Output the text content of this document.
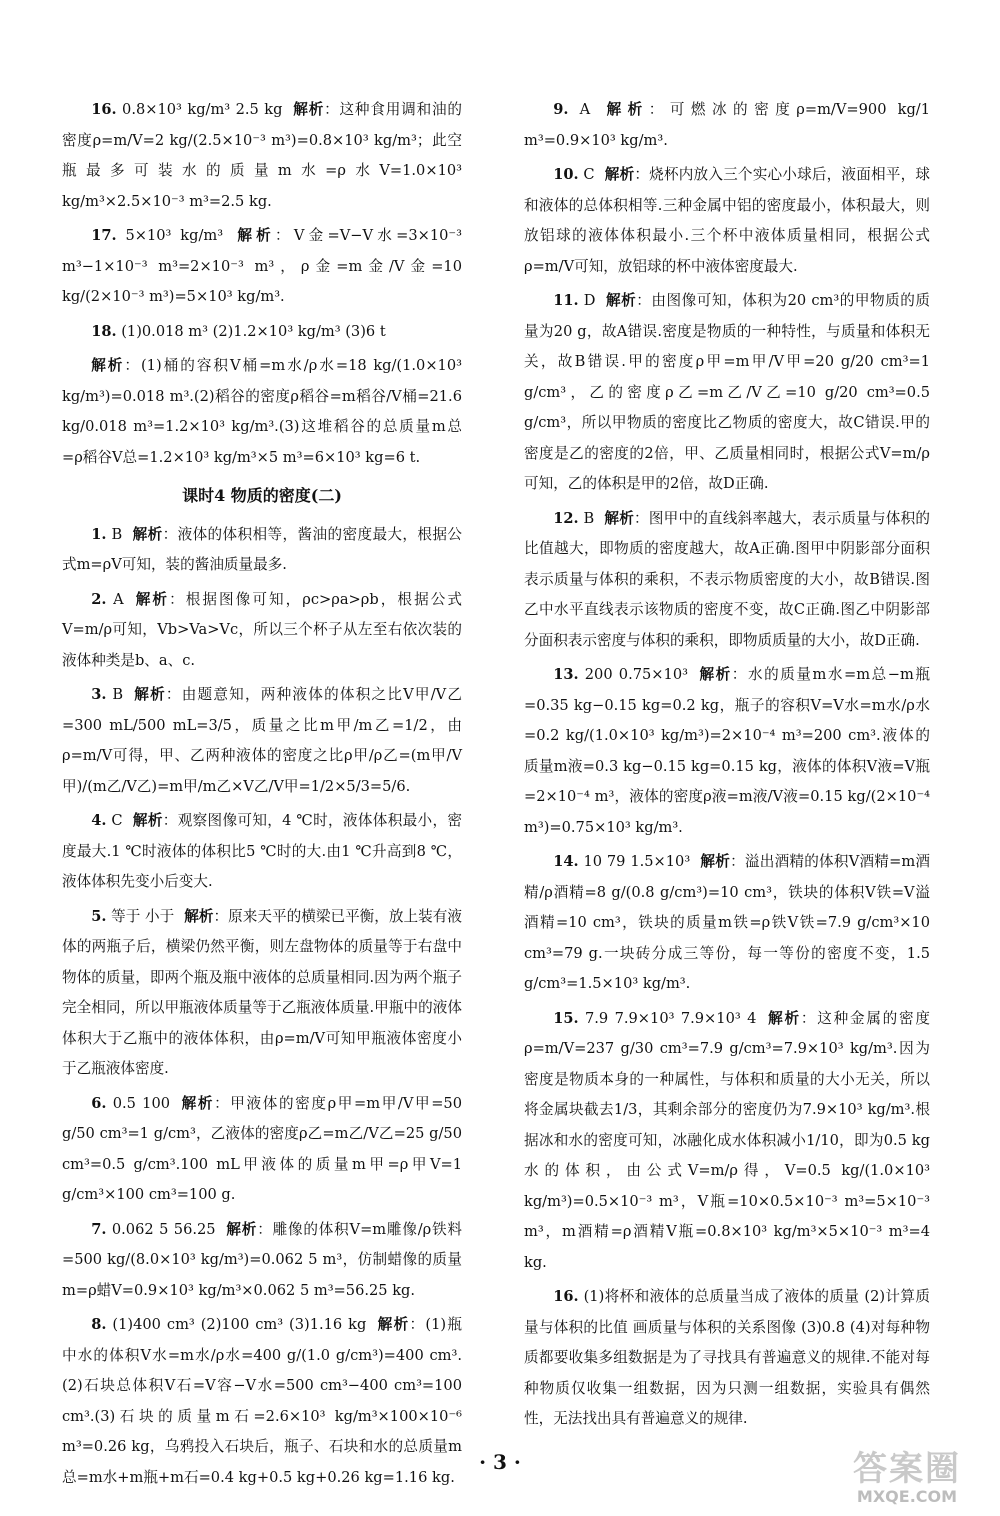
16. 0.8×10³ kg/m³ 2.5 kg 解析：这种食用调和油的密度ρ=m/V=2 kg/(2.5×10⁻³ m³)=0.8×10³ kg/m³；此空瓶最多可装水的质量m水=ρ水V=1.0×10³ kg/m³×2.5×10⁻³ m³=2.5 kg.
17. 5×10³ kg/m³ 解析：V金=V−V水=3×10⁻³ m³−1×10⁻³ m³=2×10⁻³ m³，ρ金=m金/V金=10 kg/(2×10⁻³ m³)=5×10³ kg/m³.
18. (1)0.018 m³ (2)1.2×10³ kg/m³ (3)6 t
解析：(1)桶的容积V桶=m水/ρ水=18 kg/(1.0×10³ kg/m³)=0.018 m³.(2)稻谷的密度ρ稻谷=m稻谷/V桶=21.6 kg/0.018 m³=1.2×10³ kg/m³.(3)这堆稻谷的总质量m总=ρ稻谷V总=1.2×10³ kg/m³×5 m³=6×10³ kg=6 t.
课时4 物质的密度(二)
1. B 解析：液体的体积相等，酱油的密度最大，根据公式m=ρV可知，装的酱油质量最多.
2. A 解析：根据图像可知，ρc>ρa>ρb，根据公式V=m/ρ可知，Vb>Va>Vc，所以三个杯子从左至右依次装的液体种类是b、a、c.
3. B 解析：由题意知，两种液体的体积之比V甲/V乙=300 mL/500 mL=3/5，质量之比m甲/m乙=1/2，由ρ=m/V可得，甲、乙两种液体的密度之比ρ甲/ρ乙=(m甲/V甲)/(m乙/V乙)=m甲/m乙×V乙/V甲=1/2×5/3=5/6.
4. C 解析：观察图像可知，4 ℃时，液体体积最小，密度最大.1 ℃时液体的体积比5 ℃时的大.由1 ℃升高到8 ℃，液体体积先变小后变大.
5. 等于 小于 解析：原来天平的横梁已平衡，放上装有液体的两瓶子后，横梁仍然平衡，则左盘物体的质量等于右盘中物体的质量，即两个瓶及瓶中液体的总质量相同.因为两个瓶子完全相同，所以甲瓶液体质量等于乙瓶液体质量.甲瓶中的液体体积大于乙瓶中的液体体积，由ρ=m/V可知甲瓶液体密度小于乙瓶液体密度.
6. 0.5 100 解析：甲液体的密度ρ甲=m甲/V甲=50 g/50 cm³=1 g/cm³，乙液体的密度ρ乙=m乙/V乙=25 g/50 cm³=0.5 g/cm³.100 mL甲液体的质量m甲=ρ甲V=1 g/cm³×100 cm³=100 g.
7. 0.062 5 56.25 解析：雕像的体积V=m雕像/ρ铁料=500 kg/(8.0×10³ kg/m³)=0.062 5 m³，仿制蜡像的质量m=ρ蜡V=0.9×10³ kg/m³×0.062 5 m³=56.25 kg.
8. (1)400 cm³ (2)100 cm³ (3)1.16 kg 解析：(1)瓶中水的体积V水=m水/ρ水=400 g/(1.0 g/cm³)=400 cm³.(2)石块总体积V石=V容−V水=500 cm³−400 cm³=100 cm³.(3)石块的质量m石=2.6×10³ kg/m³×100×10⁻⁶ m³=0.26 kg，乌鸦投入石块后，瓶子、石块和水的总质量m总=m水+m瓶+m石=0.4 kg+0.5 kg+0.26 kg=1.16 kg.
9. A 解析：可燃冰的密度ρ=m/V=900 kg/1 m³=0.9×10³ kg/m³.
10. C 解析：烧杯内放入三个实心小球后，液面相平，球和液体的总体积相等.三种金属中铝的密度最小，体积最大，则放铝球的液体体积最小.三个杯中液体质量相同，根据公式ρ=m/V可知，放铝球的杯中液体密度最大.
11. D 解析：由图像可知，体积为20 cm³的甲物质的质量为20 g，故A错误.密度是物质的一种特性，与质量和体积无关，故B错误.甲的密度ρ甲=m甲/V甲=20 g/20 cm³=1 g/cm³，乙的密度ρ乙=m乙/V乙=10 g/20 cm³=0.5 g/cm³，所以甲物质的密度比乙物质的密度大，故C错误.甲的密度是乙的密度的2倍，甲、乙质量相同时，根据公式V=m/ρ可知，乙的体积是甲的2倍，故D正确.
12. B 解析：图甲中的直线斜率越大，表示质量与体积的比值越大，即物质的密度越大，故A正确.图甲中阴影部分面积表示质量与体积的乘积，不表示物质密度的大小，故B错误.图乙中水平直线表示该物质的密度不变，故C正确.图乙中阴影部分面积表示密度与体积的乘积，即物质质量的大小，故D正确.
13. 200 0.75×10³ 解析：水的质量m水=m总−m瓶=0.35 kg−0.15 kg=0.2 kg，瓶子的容积V=V水=m水/ρ水=0.2 kg/(1.0×10³ kg/m³)=2×10⁻⁴ m³=200 cm³.液体的质量m液=0.3 kg−0.15 kg=0.15 kg，液体的体积V液=V瓶=2×10⁻⁴ m³，液体的密度ρ液=m液/V液=0.15 kg/(2×10⁻⁴ m³)=0.75×10³ kg/m³.
14. 10 79 1.5×10³ 解析：溢出酒精的体积V酒精=m酒精/ρ酒精=8 g/(0.8 g/cm³)=10 cm³，铁块的体积V铁=V溢酒精=10 cm³，铁块的质量m铁=ρ铁V铁=7.9 g/cm³×10 cm³=79 g.一块砖分成三等份，每一等份的密度不变，1.5 g/cm³=1.5×10³ kg/m³.
15. 7.9 7.9×10³ 7.9×10³ 4 解析：这种金属的密度ρ=m/V=237 g/30 cm³=7.9 g/cm³=7.9×10³ kg/m³.因为密度是物质本身的一种属性，与体积和质量的大小无关，所以将金属块截去1/3，其剩余部分的密度仍为7.9×10³ kg/m³.根据冰和水的密度可知，冰融化成水体积减小1/10，即为0.5 kg水的体积，由公式V=m/ρ得，V=0.5 kg/(1.0×10³ kg/m³)=0.5×10⁻³ m³，V瓶=10×0.5×10⁻³ m³=5×10⁻³ m³，m酒精=ρ酒精V瓶=0.8×10³ kg/m³×5×10⁻³ m³=4 kg.
16. (1)将杯和液体的总质量当成了液体的质量 (2)计算质量与体积的比值 画质量与体积的关系图像 (3)0.8 (4)对每种物质都要收集多组数据是为了寻找具有普遍意义的规律.不能对每种物质仅收集一组数据，因为只测一组数据，实验具有偶然性，无法找出具有普遍意义的规律.
· 3 ·	答案圈
MXQE.COM
